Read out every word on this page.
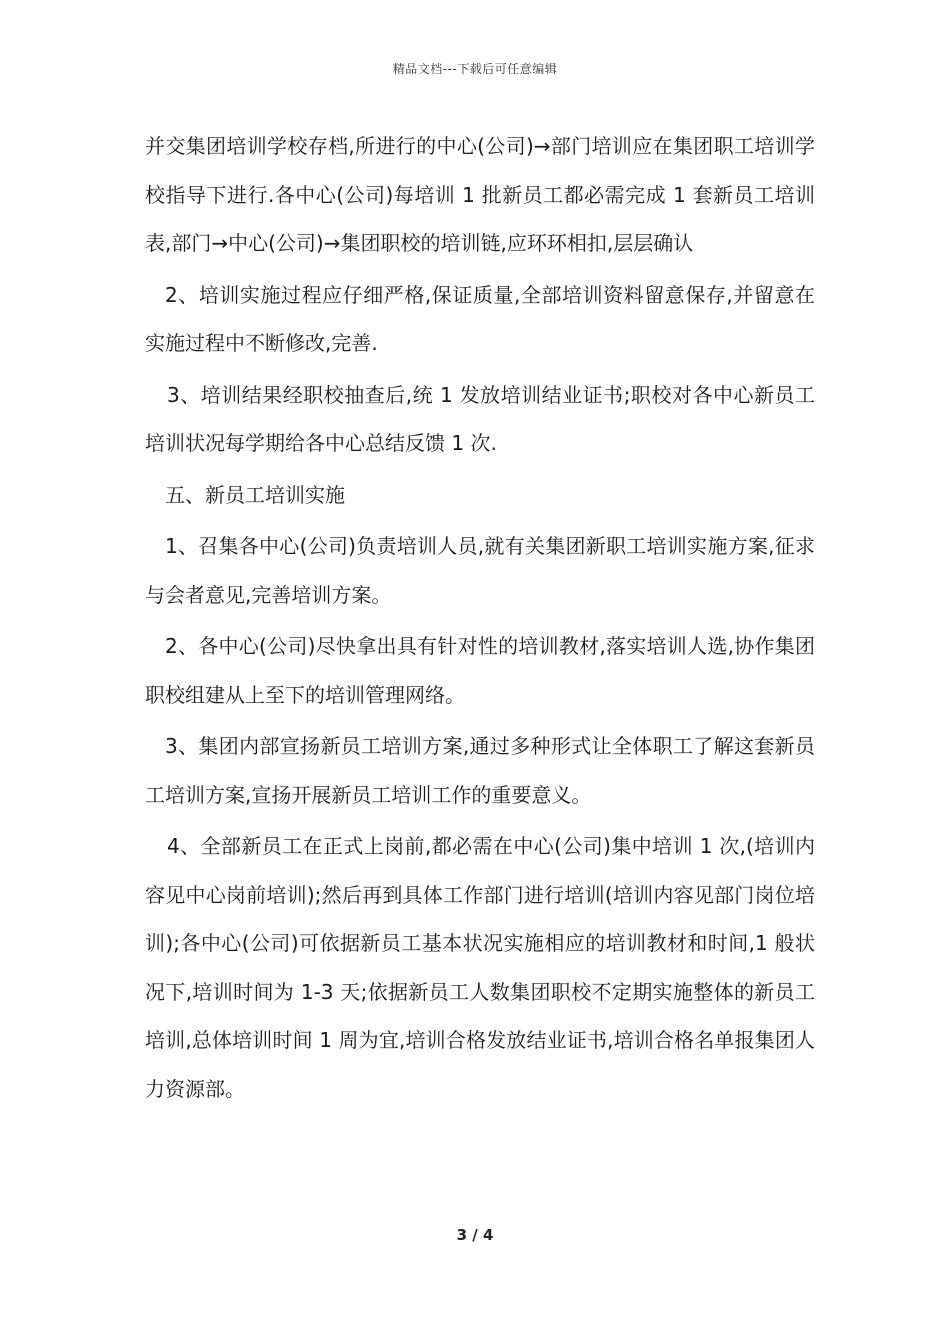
精品文档---下载后可任意编辑

并交集团培训学校存档,所进行的中心(公司)→部门培训应在集团职工培训学校指导下进行.各中心(公司)每培训 1 批新员工都必需完成 1 套新员工培训表,部门→中心(公司)→集团职校的培训链,应环环相扣,层层确认

2、培训实施过程应仔细严格,保证质量,全部培训资料留意保存,并留意在实施过程中不断修改,完善.

3、培训结果经职校抽查后,统 1 发放培训结业证书;职校对各中心新员工培训状况每学期给各中心总结反馈 1 次.

五、新员工培训实施

1、召集各中心(公司)负责培训人员,就有关集团新职工培训实施方案,征求与会者意见,完善培训方案。

2、各中心(公司)尽快拿出具有针对性的培训教材,落实培训人选,协作集团职校组建从上至下的培训管理网络。

3、集团内部宣扬新员工培训方案,通过多种形式让全体职工了解这套新员工培训方案,宣扬开展新员工培训工作的重要意义。

4、全部新员工在正式上岗前,都必需在中心(公司)集中培训 1 次,(培训内容见中心岗前培训);然后再到具体工作部门进行培训(培训内容见部门岗位培训);各中心(公司)可依据新员工基本状况实施相应的培训教材和时间,1 般状况下,培训时间为 1-3 天;依据新员工人数集团职校不定期实施整体的新员工培训,总体培训时间 1 周为宜,培训合格发放结业证书,培训合格名单报集团人力资源部。

3 / 4
